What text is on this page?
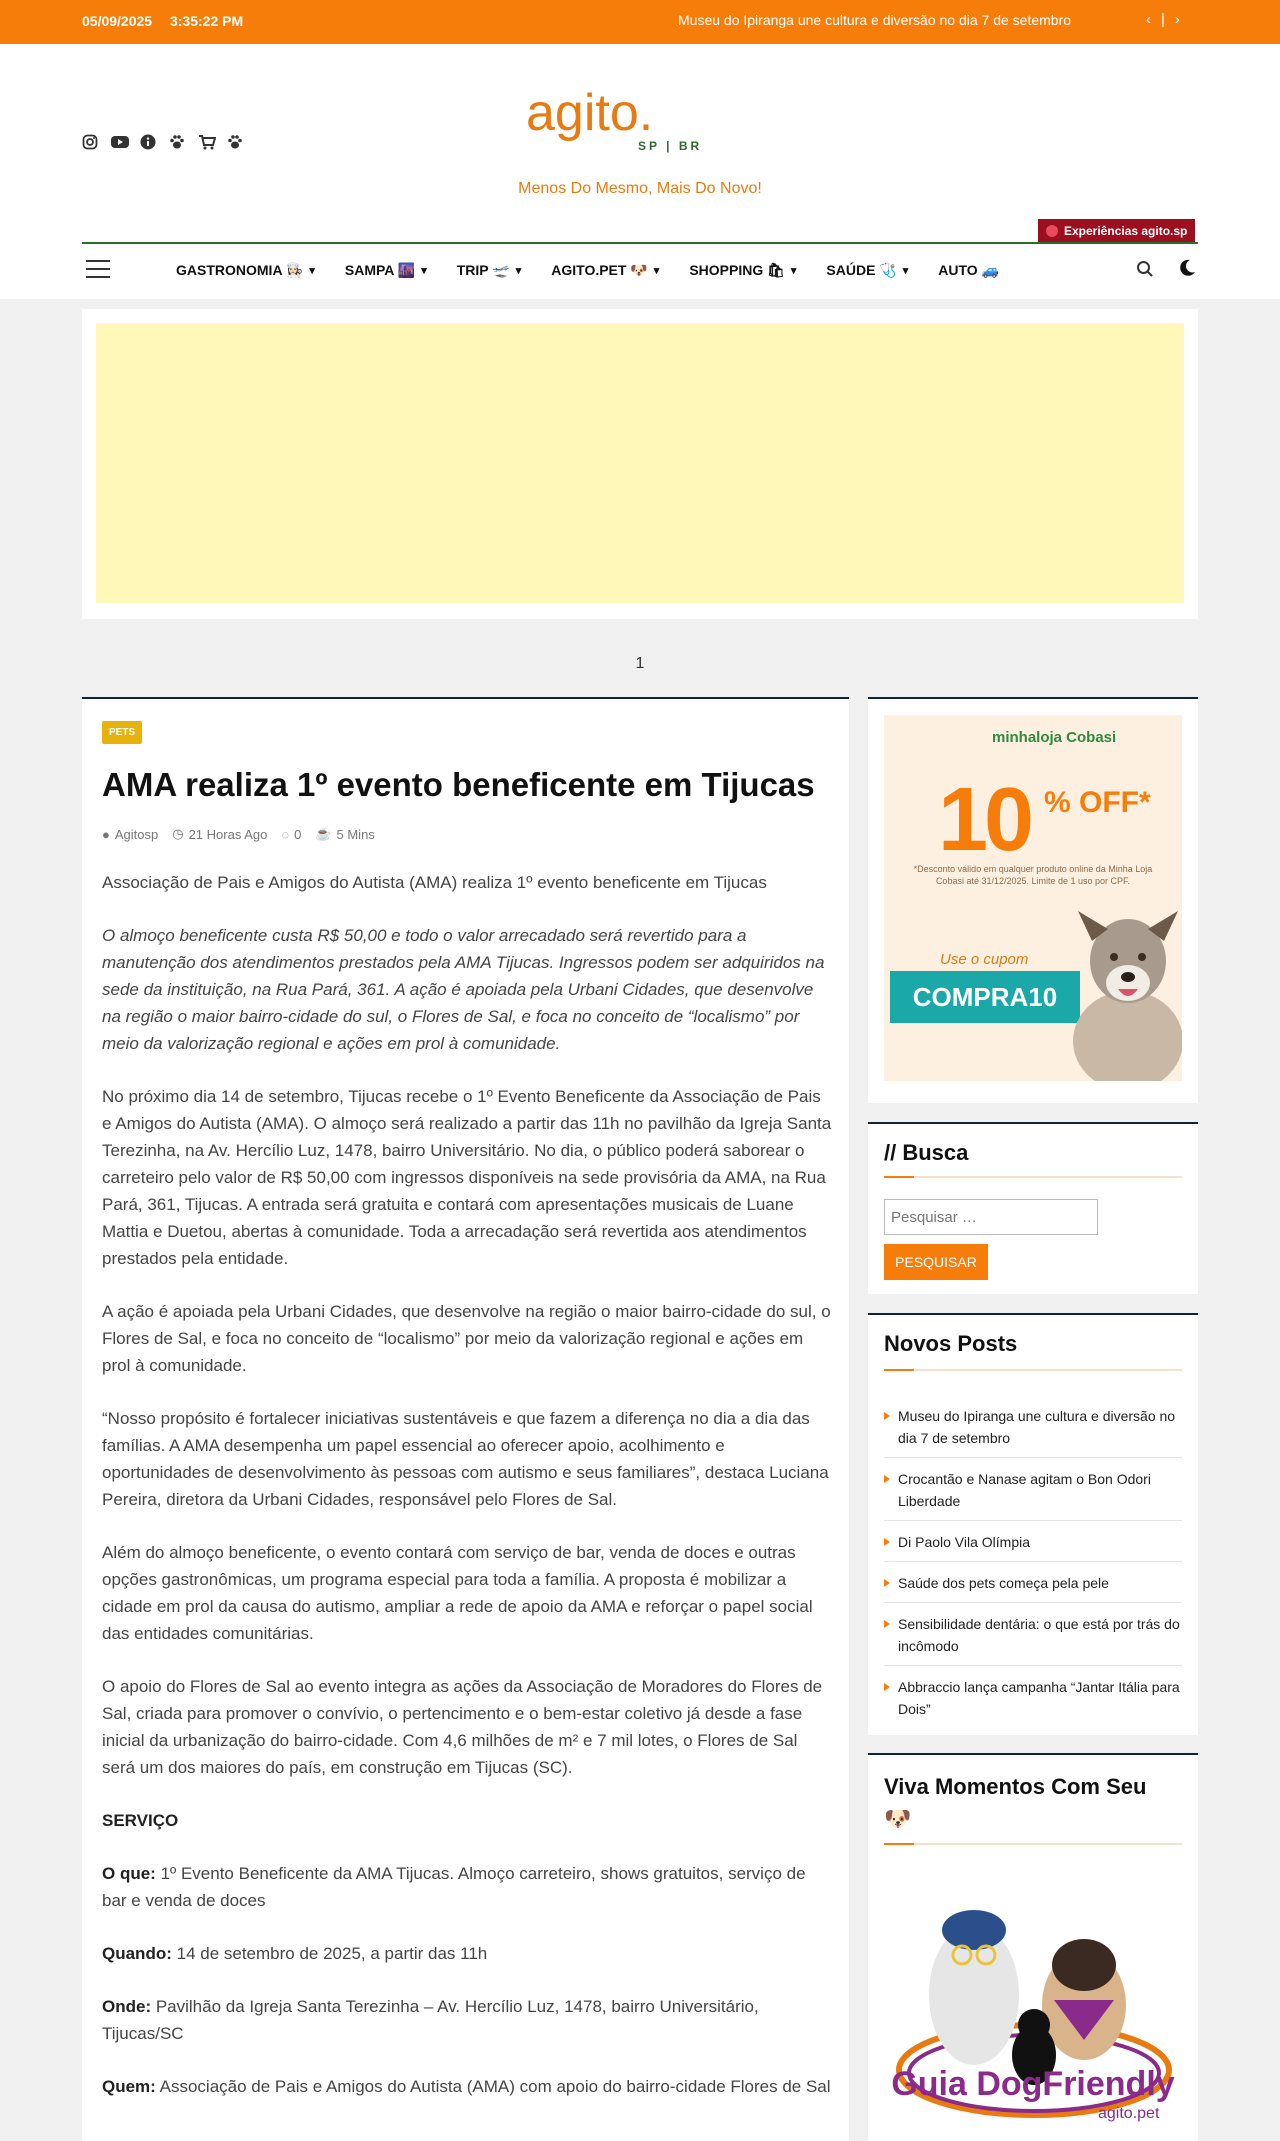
05/09/2025 3:35:22 PM	Museu do Ipiranga une cultura e diversão no dia 7 de setembro	‹ | ›
agito.
SP | BR
Menos Do Mesmo, Mais Do Novo!
Experiências agito.sp
GASTRONOMIA 👩🏻‍🍳 ▾ SAMPA 🌆 ▾ TRIP 🛫 ▾ AGITO.PET 🐶 ▾ SHOPPING 🛍 ▾ SAÚDE 🩺 ▾ AUTO 🚙
1
PETS
AMA realiza 1º evento beneficente em Tijucas
● Agitosp ◷ 21 Horas Ago ◌ 0 ☕ 5 Mins

Associação de Pais e Amigos do Autista (AMA) realiza 1º evento beneficente em Tijucas

O almoço beneficente custa R$ 50,00 e todo o valor arrecadado será revertido para a manutenção dos atendimentos prestados pela AMA Tijucas. Ingressos podem ser adquiridos na sede da instituição, na Rua Pará, 361. A ação é apoiada pela Urbani Cidades, que desenvolve na região o maior bairro-cidade do sul, o Flores de Sal, e foca no conceito de “localismo” por meio da valorização regional e ações em prol à comunidade.

No próximo dia 14 de setembro, Tijucas recebe o 1º Evento Beneficente da Associação de Pais e Amigos do Autista (AMA). O almoço será realizado a partir das 11h no pavilhão da Igreja Santa Terezinha, na Av. Hercílio Luz, 1478, bairro Universitário. No dia, o público poderá saborear o carreteiro pelo valor de R$ 50,00 com ingressos disponíveis na sede provisória da AMA, na Rua Pará, 361, Tijucas. A entrada será gratuita e contará com apresentações musicais de Luane Mattia e Duetou, abertas à comunidade. Toda a arrecadação será revertida aos atendimentos prestados pela entidade.

A ação é apoiada pela Urbani Cidades, que desenvolve na região o maior bairro-cidade do sul, o Flores de Sal, e foca no conceito de “localismo” por meio da valorização regional e ações em prol à comunidade.

“Nosso propósito é fortalecer iniciativas sustentáveis e que fazem a diferença no dia a dia das famílias. A AMA desempenha um papel essencial ao oferecer apoio, acolhimento e oportunidades de desenvolvimento às pessoas com autismo e seus familiares”, destaca Luciana Pereira, diretora da Urbani Cidades, responsável pelo Flores de Sal.

Além do almoço beneficente, o evento contará com serviço de bar, venda de doces e outras opções gastronômicas, um programa especial para toda a família. A proposta é mobilizar a cidade em prol da causa do autismo, ampliar a rede de apoio da AMA e reforçar o papel social das entidades comunitárias.

O apoio do Flores de Sal ao evento integra as ações da Associação de Moradores do Flores de Sal, criada para promover o convívio, o pertencimento e o bem-estar coletivo já desde a fase inicial da urbanização do bairro-cidade. Com 4,6 milhões de m² e 7 mil lotes, o Flores de Sal será um dos maiores do país, em construção em Tijucas (SC).

SERVIÇO

O que: 1º Evento Beneficente da AMA Tijucas. Almoço carreteiro, shows gratuitos, serviço de bar e venda de doces

Quando: 14 de setembro de 2025, a partir das 11h

Onde: Pavilhão da Igreja Santa Terezinha – Av. Hercílio Luz, 1478, bairro Universitário, Tijucas/SC

Quem: Associação de Pais e Amigos do Autista (AMA) com apoio do bairro-cidade Flores de Sal

minhaloja Cobasi
10 % OFF*
*Desconto válido em qualquer produto online da Minha Loja Cobasi até 31/12/2025. Limite de 1 uso por CPF.
Use o cupom
COMPRA10
// Busca
Pesquisar …
PESQUISAR
Novos Posts
Museu do Ipiranga une cultura e diversão no dia 7 de setembro
Crocantão e Nanase agitam o Bon Odori Liberdade
Di Paolo Vila Olímpia
Saúde dos pets começa pela pele
Sensibilidade dentária: o que está por trás do incômodo
Abbraccio lança campanha “Jantar Itália para Dois”
Viva Momentos Com Seu 🐶
Guia DogFriendly
agito.pet
